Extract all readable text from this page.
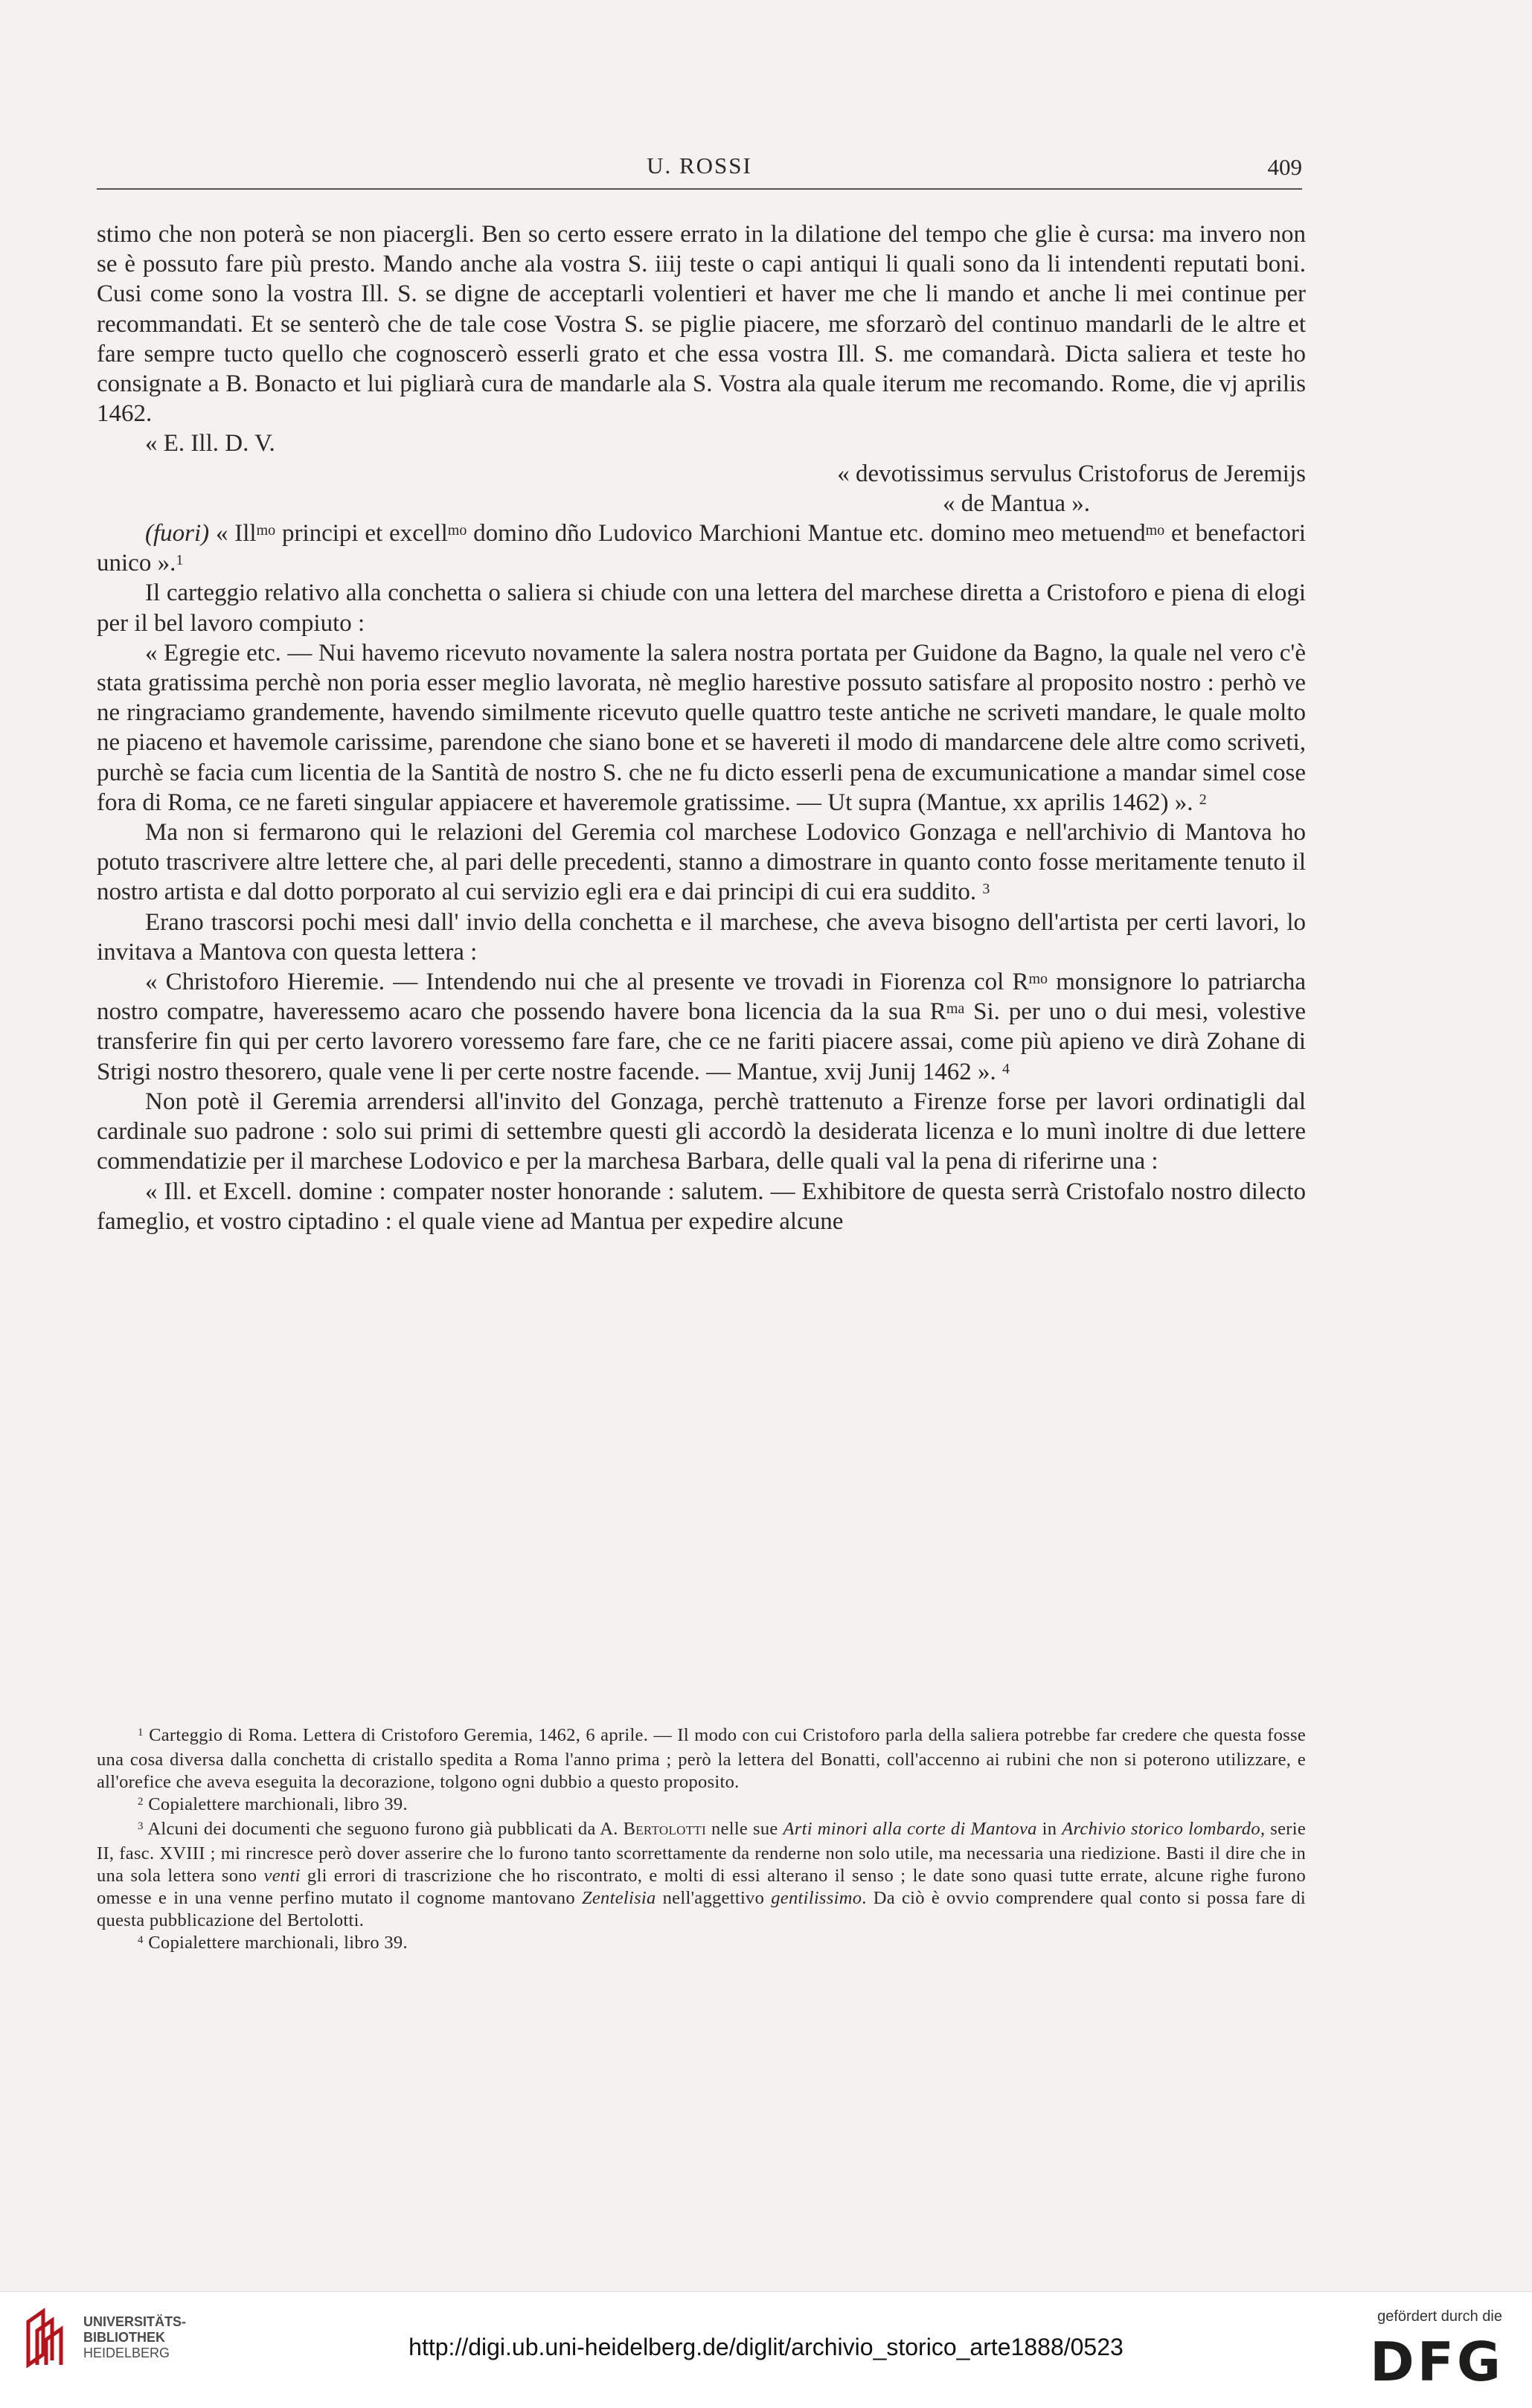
U. ROSSI	409

stimo che non poterà se non piacergli. Ben so certo essere errato in la dilatione del tempo che glie è cursa: ma invero non se è possuto fare più presto. Mando anche ala vostra S. iiij teste o capi antiqui li quali sono da li intendenti reputati boni. Cusi come sono la vostra Ill. S. se digne de acceptarli volentieri et haver me che li mando et anche li mei continue per recommandati. Et se senterò che de tale cose Vostra S. se piglie piacere, me sforzarò del continuo mandarli de le altre et fare sempre tucto quello che cognoscerò esserli grato et che essa vostra Ill. S. me comandarà. Dicta saliera et teste ho consignate a B. Bonacto et lui pigliarà cura de mandarle ala S. Vostra ala quale iterum me recomando. Rome, die vj aprilis 1462.

« E. Ill. D. V.

« devotissimus servulus Cristoforus de Jeremijs

« de Mantua ».

(fuori) « Ill$^{mo}$ principi et excell$^{mo}$ domino dño Ludovico Marchioni Mantue etc. domino meo metuend$^{mo}$ et benefactori unico ».$^1$

Il carteggio relativo alla conchetta o saliera si chiude con una lettera del marchese diretta a Cristoforo e piena di elogi per il bel lavoro compiuto :

« Egregie etc. — Nui havemo ricevuto novamente la salera nostra portata per Guidone da Bagno, la quale nel vero c'è stata gratissima perchè non poria esser meglio lavorata, nè meglio harestive possuto satisfare al proposito nostro : perhò ve ne ringraciamo grandemente, havendo similmente ricevuto quelle quattro teste antiche ne scriveti mandare, le quale molto ne piaceno et havemole carissime, parendone che siano bone et se havereti il modo di mandarcene dele altre como scriveti, purchè se facia cum licentia de la Santità de nostro S. che ne fu dicto esserli pena de excumunicatione a mandar simel cose fora di Roma, ce ne fareti singular appiacere et haveremole gratissime. — Ut supra (Mantue, xx aprilis 1462) ». $^2$

Ma non si fermarono qui le relazioni del Geremia col marchese Lodovico Gonzaga e nell'archivio di Mantova ho potuto trascrivere altre lettere che, al pari delle precedenti, stanno a dimostrare in quanto conto fosse meritamente tenuto il nostro artista e dal dotto porporato al cui servizio egli era e dai principi di cui era suddito. $^3$

Erano trascorsi pochi mesi dall' invio della conchetta e il marchese, che aveva bisogno dell'artista per certi lavori, lo invitava a Mantova con questa lettera :

« Christoforo Hieremie. — Intendendo nui che al presente ve trovadi in Fiorenza col $R^{mo}$ monsignore lo patriarcha nostro compatre, haveressemo acaro che possendo havere bona licencia da la sua $R^{ma}$ Si. per uno o dui mesi, volestive transferire fin qui per certo lavorero voressemo fare fare, che ce ne fariti piacere assai, come più apieno ve dirà Zohane di Strigi nostro thesorero, quale vene li per certe nostre facende. — Mantue, xvij Junij 1462 ». $^4$

Non potè il Geremia arrendersi all'invito del Gonzaga, perchè trattenuto a Firenze forse per lavori ordinatigli dal cardinale suo padrone : solo sui primi di settembre questi gli accordò la desiderata licenza e lo munì inoltre di due lettere commendatizie per il marchese Lodovico e per la marchesa Barbara, delle quali val la pena di riferirne una :

« Ill. et Excell. domine : compater noster honorande : salutem. — Exhibitore de questa serrà Cristofalo nostro dilecto fameglio, et vostro ciptadino : el quale viene ad Mantua per expedire alcune

$^1$ Carteggio di Roma. Lettera di Cristoforo Geremia, 1462, 6 aprile. — Il modo con cui Cristoforo parla della saliera potrebbe far credere che questa fosse una cosa diversa dalla conchetta di cristallo spedita a Roma l'anno prima ; però la lettera del Bonatti, coll'accenno ai rubini che non si poterono utilizzare, e all'orefice che aveva eseguita la decorazione, tolgono ogni dubbio a questo proposito.

$^2$ Copialettere marchionali, libro 39.

$^3$ Alcuni dei documenti che seguono furono già pubblicati da A. Bertolotti nelle sue Arti minori alla corte di Mantova in Archivio storico lombardo, serie II, fasc. XVIII ; mi rincresce però dover asserire che lo furono tanto scorrettamente da renderne non solo utile, ma necessaria una riedizione. Basti il dire che in una sola lettera sono venti gli errori di trascrizione che ho riscontrato, e molti di essi alterano il senso ; le date sono quasi tutte errate, alcune righe furono omesse e in una venne perfino mutato il cognome mantovano Zentelisia nell'aggettivo gentilissimo. Da ciò è ovvio comprendere qual conto si possa fare di questa pubblicazione del Bertolotti.

$^4$ Copialettere marchionali, libro 39.

UNIVERSITÄTS-
BIBLIOTHEK
HEIDELBERG	http://digi.ub.uni-heidelberg.de/diglit/archivio_storico_arte1888/0523
gefördert durch die
DFG
